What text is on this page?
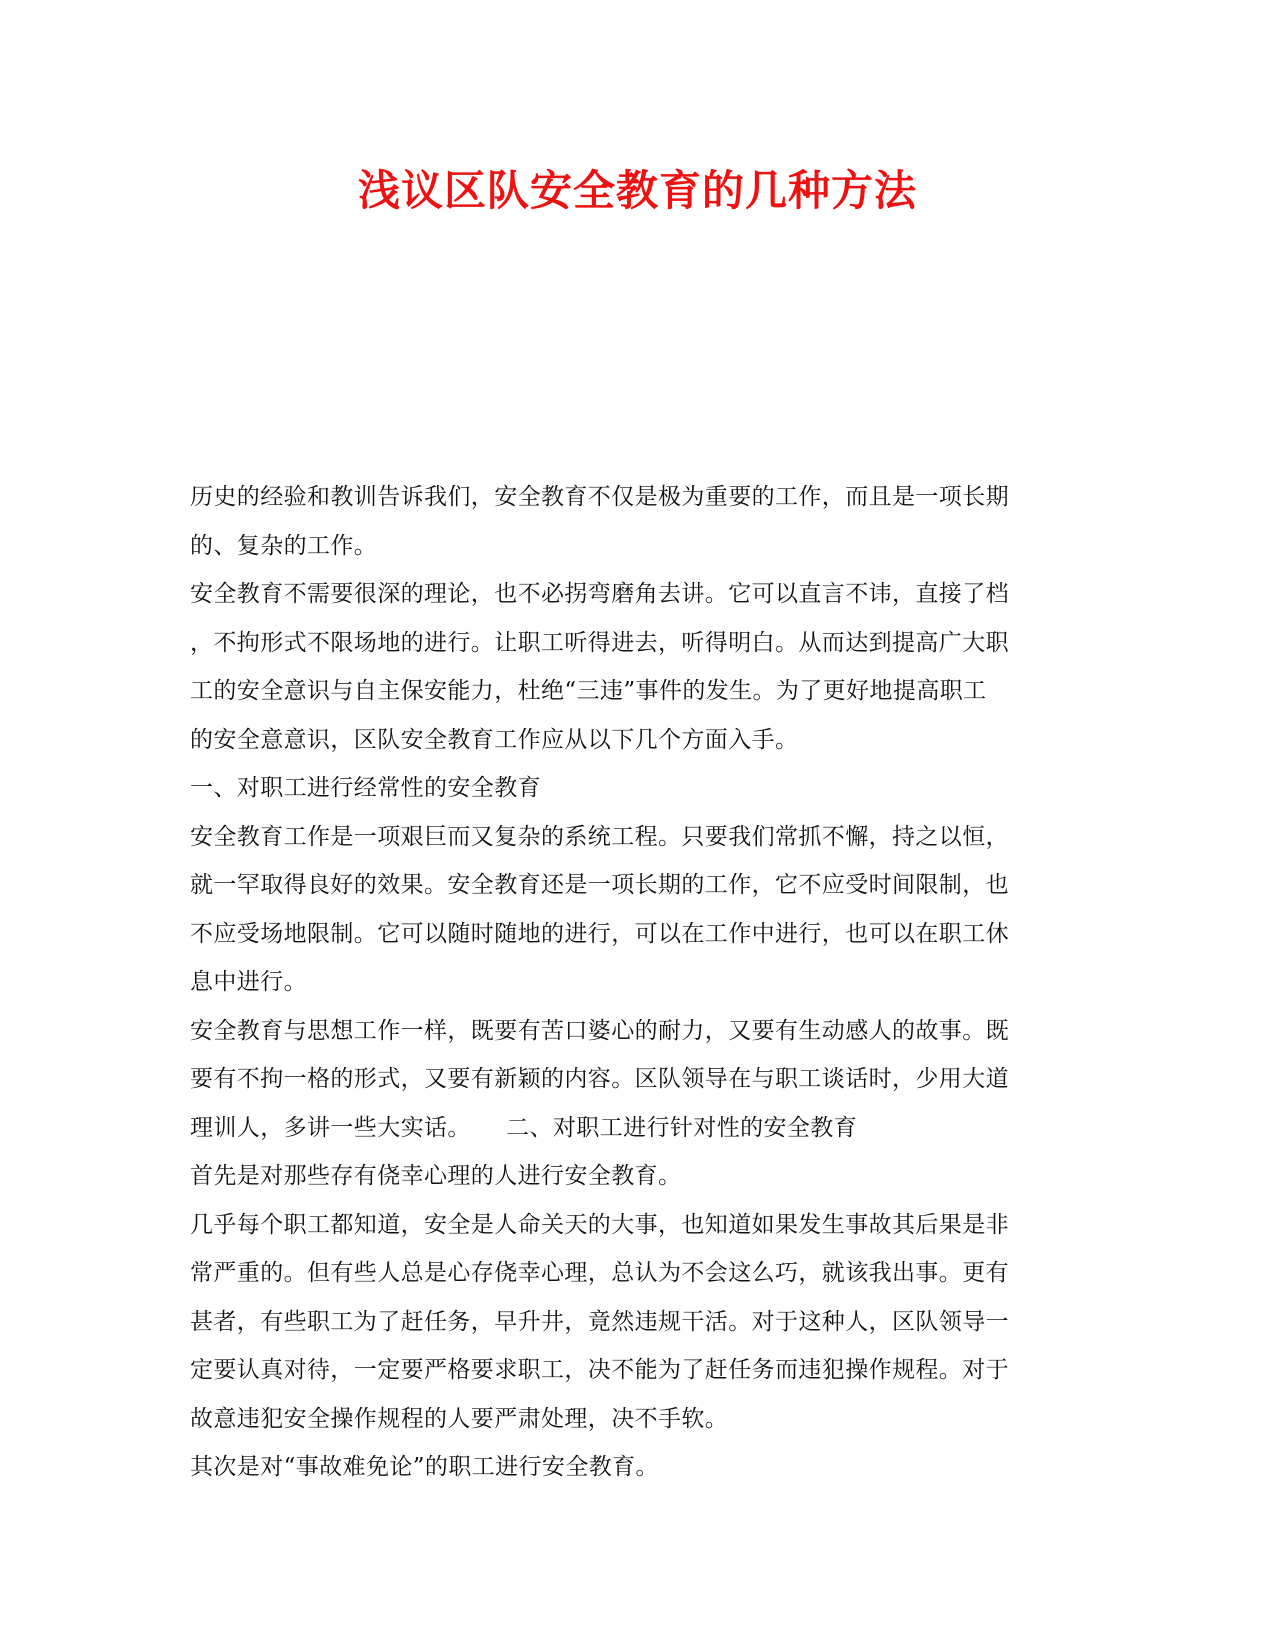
浅议区队安全教育的几种方法
历史的经验和教训告诉我们，安全教育不仅是极为重要的工作，而且是一项长期
的、复杂的工作。
安全教育不需要很深的理论，也不必拐弯磨角去讲。它可以直言不讳，直接了档
，不拘形式不限场地的进行。让职工听得进去，听得明白。从而达到提高广大职
工的安全意识与自主保安能力，杜绝“三违”事件的发生。为了更好地提高职工
的安全意意识，区队安全教育工作应从以下几个方面入手。
一、对职工进行经常性的安全教育
安全教育工作是一项艰巨而又复杂的系统工程。只要我们常抓不懈，持之以恒，
就一罕取得良好的效果。安全教育还是一项长期的工作，它不应受时间限制，也
不应受场地限制。它可以随时随地的进行，可以在工作中进行，也可以在职工休
息中进行。
安全教育与思想工作一样，既要有苦口婆心的耐力，又要有生动感人的故事。既
要有不拘一格的形式，又要有新颖的内容。区队领导在与职工谈话时，少用大道
理训人，多讲一些大实话。　　二、对职工进行针对性的安全教育
首先是对那些存有侥幸心理的人进行安全教育。
几乎每个职工都知道，安全是人命关天的大事，也知道如果发生事故其后果是非
常严重的。但有些人总是心存侥幸心理，总认为不会这么巧，就该我出事。更有
甚者，有些职工为了赶任务，早升井，竟然违规干活。对于这种人，区队领导一
定要认真对待，一定要严格要求职工，决不能为了赶任务而违犯操作规程。对于
故意违犯安全操作规程的人要严肃处理，决不手软。
其次是对“事故难免论”的职工进行安全教育。
